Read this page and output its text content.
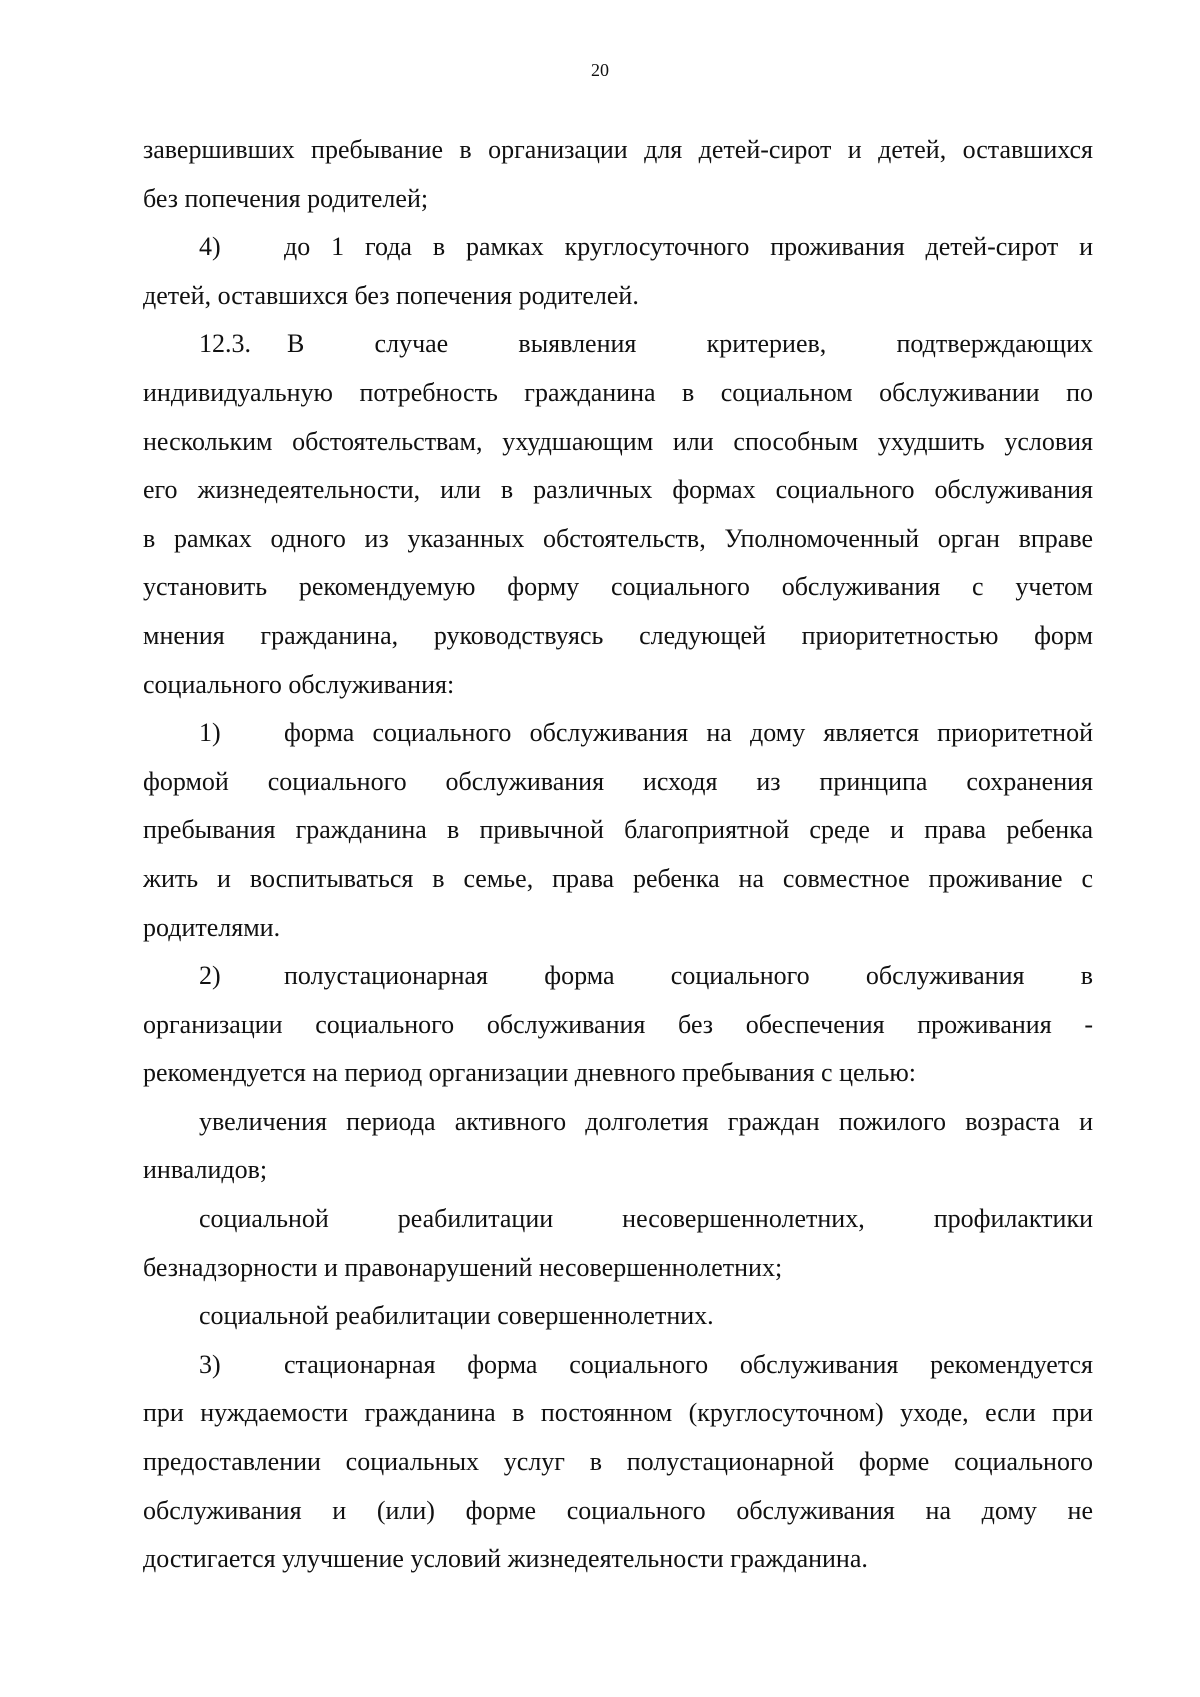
20
завершивших пребывание в организации для детей-сирот и детей, оставшихся
без попечения родителей;
4) до 1 года в рамках круглосуточного проживания детей-сирот и
детей, оставшихся без попечения родителей.
12.3. В случае выявления критериев, подтверждающих
индивидуальную потребность гражданина в социальном обслуживании по
нескольким обстоятельствам, ухудшающим или способным ухудшить условия
его жизнедеятельности, или в различных формах социального обслуживания
в рамках одного из указанных обстоятельств, Уполномоченный орган вправе
установить рекомендуемую форму социального обслуживания с учетом
мнения гражданина, руководствуясь следующей приоритетностью форм
социального обслуживания:
1) форма социального обслуживания на дому является приоритетной
формой социального обслуживания исходя из принципа сохранения
пребывания гражданина в привычной благоприятной среде и права ребенка
жить и воспитываться в семье, права ребенка на совместное проживание с
родителями.
2) полустационарная форма социального обслуживания в
организации социального обслуживания без обеспечения проживания -
рекомендуется на период организации дневного пребывания с целью:
увеличения периода активного долголетия граждан пожилого возраста и
инвалидов;
социальной реабилитации несовершеннолетних, профилактики
безнадзорности и правонарушений несовершеннолетних;
социальной реабилитации совершеннолетних.
3) стационарная форма социального обслуживания рекомендуется
при нуждаемости гражданина в постоянном (круглосуточном) уходе, если при
предоставлении социальных услуг в полустационарной форме социального
обслуживания и (или) форме социального обслуживания на дому не
достигается улучшение условий жизнедеятельности гражданина.
